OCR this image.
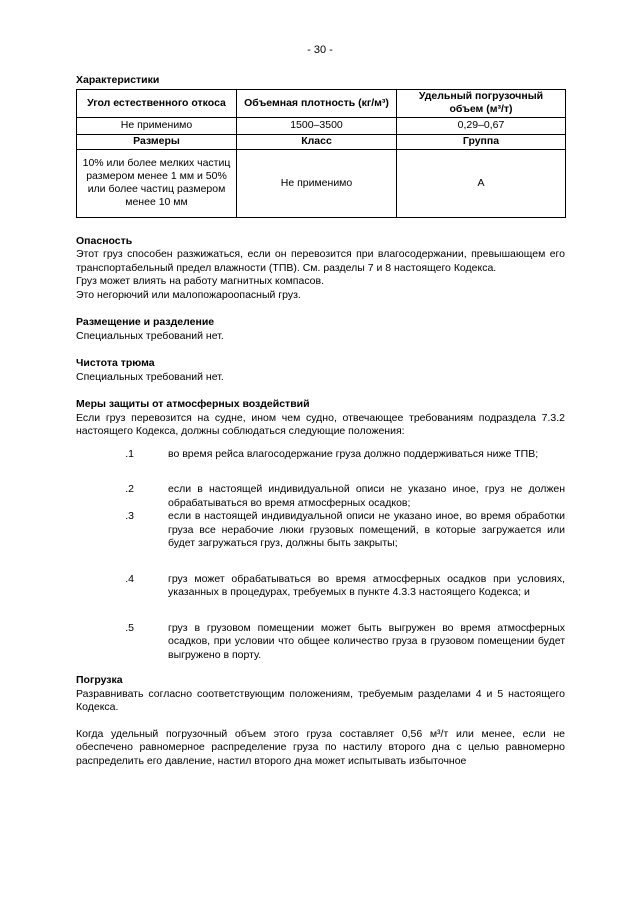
- 30 -

Характеристики

Угол естественного откоса	Объемная плотность (кг/м³)	Удельный погрузочный объем (м³/т)
Не применимо	1500–3500	0,29–0,67
Размеры	Класс	Группа
10% или более мелких частиц размером менее 1 мм и 50% или более частиц размером менее 10 мм	Не применимо	А

Опасность

Этот груз способен разжижаться, если он перевозится при влагосодержании, превышающем его транспортабельный предел влажности (ТПВ). См. разделы 7 и 8 настоящего Кодекса.

Груз может влиять на работу магнитных компасов.

Это негорючий или малопожароопасный груз.

Размещение и разделение

Специальных требований нет.

Чистота трюма

Специальных требований нет.

Меры защиты от атмосферных воздействий

Если груз перевозится на судне, ином чем судно, отвечающее требованиям подраздела 7.3.2 настоящего Кодекса, должны соблюдаться следующие положения:

.1	во время рейса влагосодержание груза должно поддерживаться ниже ТПВ;
.2	если в настоящей индивидуальной описи не указано иное, груз не должен обрабатываться во время атмосферных осадков;
.3	если в настоящей индивидуальной описи не указано иное, во время обработки груза все нерабочие люки грузовых помещений, в которые загружается или будет загружаться груз, должны быть закрыты;
.4	груз может обрабатываться во время атмосферных осадков при условиях, указанных в процедурах, требуемых в пункте 4.3.3 настоящего Кодекса; и
.5	груз в грузовом помещении может быть выгружен во время атмосферных осадков, при условии что общее количество груза в грузовом помещении будет выгружено в порту.

Погрузка

Разравнивать согласно соответствующим положениям, требуемым разделами 4 и 5 настоящего Кодекса.

Когда удельный погрузочный объем этого груза составляет 0,56 м³/т или менее, если не обеспечено равномерное распределение груза по настилу второго дна с целью равномерно распределить его давление, настил второго дна может испытывать избыточное
